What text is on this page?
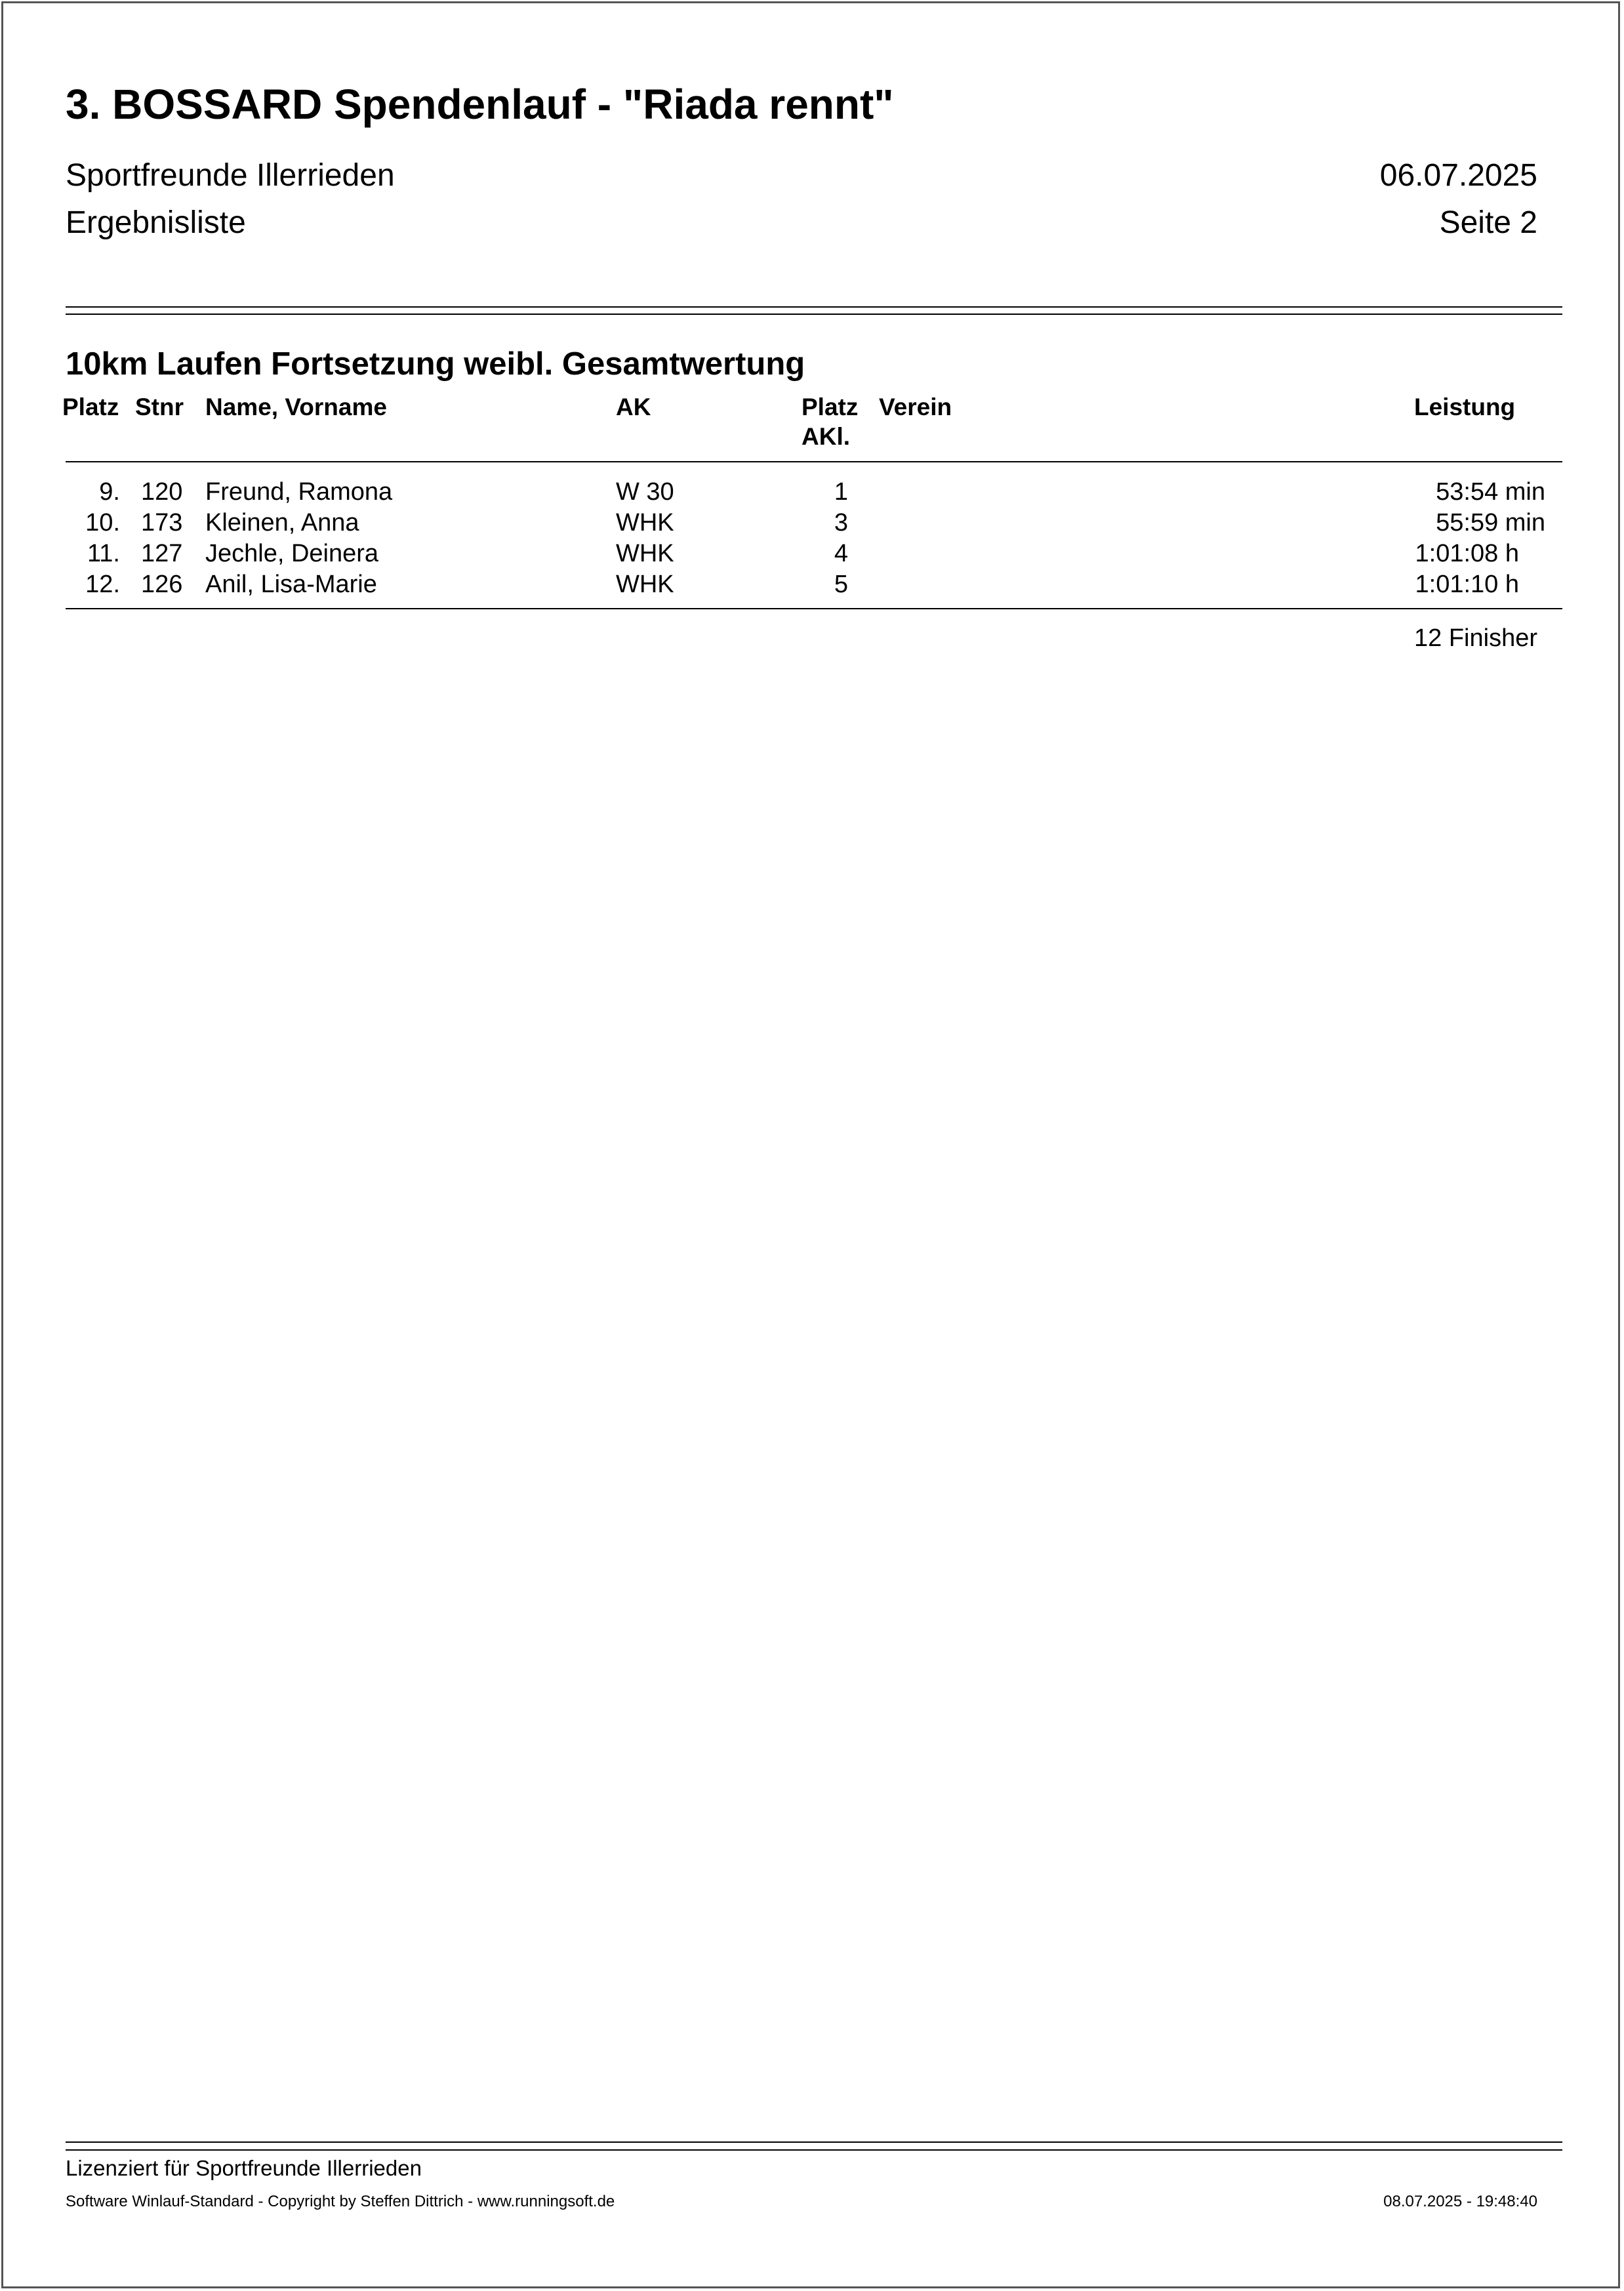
3. BOSSARD Spendenlauf - "Riada rennt"
Sportfreunde Illerrieden
Ergebnisliste
06.07.2025
Seite 2
10km Laufen Fortsetzung weibl. Gesamtwertung
Platz Stnr Name, Vorname	AK	Platz
AKl.
Verein	Leistung
9. 120 Freund, Ramona	W 30	1	53:54 min
10. 173 Kleinen, Anna	WHK	3	55:59 min
11. 127 Jechle, Deinera	WHK	4	1:01:08 h
12. 126 Anil, Lisa-Marie	WHK	5	1:01:10 h
12 Finisher
Lizenziert für Sportfreunde Illerrieden
Software Winlauf-Standard - Copyright by Steffen Dittrich - www.runningsoft.de	08.07.2025 - 19:48:40
